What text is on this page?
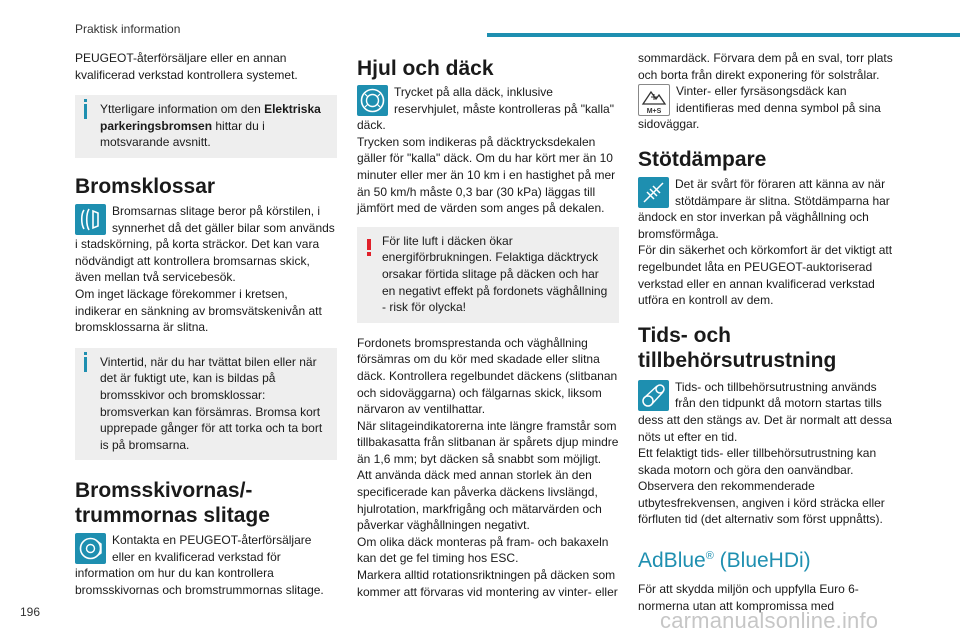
Praktisk information

PEUGEOT-återförsäljare eller en annan kvalificerad verkstad kontrollera systemet.

Ytterligare information om den Elektriska parkeringsbromsen hittar du i motsvarande avsnitt.

Bromsklossar

Bromsarnas slitage beror på körstilen, i synnerhet då det gäller bilar som används i stadskörning, på korta sträckor. Det kan vara nödvändigt att kontrollera bromsarnas skick, även mellan två servicebesök.

Om inget läckage förekommer i kretsen, indikerar en sänkning av bromsvätskenivån att bromsklossarna är slitna.

Vintertid, när du har tvättat bilen eller när det är fuktigt ute, kan is bildas på bromsskivor och bromsklossar: bromsverkan kan försämras. Bromsa kort upprepade gånger för att torka och ta bort is på bromsarna.

Bromsskivornas/-trummornas slitage

Kontakta en PEUGEOT-återförsäljare eller en kvalificerad verkstad för information om hur du kan kontrollera bromsskivornas och bromstrummornas slitage.

Hjul och däck

Trycket på alla däck, inklusive reservhjulet, måste kontrolleras på "kalla" däck.

Trycken som indikeras på däcktrycksdekalen gäller för "kalla" däck. Om du har kört mer än 10 minuter eller mer än 10 km i en hastighet på mer än 50 km/h måste 0,3 bar (30 kPa) läggas till jämfört med de värden som anges på dekalen.

För lite luft i däcken ökar energiförbrukningen. Felaktiga däcktryck orsakar förtida slitage på däcken och har en negativt effekt på fordonets väghållning - risk för olycka!

Fordonets bromsprestanda och väghållning försämras om du kör med skadade eller slitna däck. Kontrollera regelbundet däckens (slitbanan och sidoväggarna) och fälgarnas skick, liksom närvaron av ventilhattar.

När slitageindikatorerna inte längre framstår som tillbakasatta från slitbanan är spårets djup mindre än 1,6 mm; byt däcken så snabbt som möjligt.

Att använda däck med annan storlek än den specificerade kan påverka däckens livslängd, hjulrotation, markfrigång och mätarvärden och påverkar väghållningen negativt.

Om olika däck monteras på fram- och bakaxeln kan det ge fel timing hos ESC.

Markera alltid rotationsriktningen på däcken som kommer att förvaras vid montering av vinter- eller

sommardäck. Förvara dem på en sval, torr plats och borta från direkt exponering för solstrålar.

M+S

Vinter- eller fyrsäsongsdäck kan identifieras med denna symbol på sina sidoväggar.

Stötdämpare

Det är svårt för föraren att känna av när stötdämpare är slitna. Stötdämparna har ändock en stor inverkan på väghållning och bromsförmåga.

För din säkerhet och körkomfort är det viktigt att regelbundet låta en PEUGEOT-auktoriserad verkstad eller en annan kvalificerad verkstad utföra en kontroll av dem.

Tids- och tillbehörsutrustning

Tids- och tillbehörsutrustning används från den tidpunkt då motorn startas tills dess att den stängs av. Det är normalt att dessa nöts ut efter en tid.

Ett felaktigt tids- eller tillbehörsutrustning kan skada motorn och göra den oanvändbar.

Observera den rekommenderade utbytesfrekvensen, angiven i körd sträcka eller förfluten tid (det alternativ som först uppnåtts).

AdBlue® (BlueHDi)

För att skydda miljön och uppfylla Euro 6-normerna utan att kompromissa med

196	carmanualsonline.info
